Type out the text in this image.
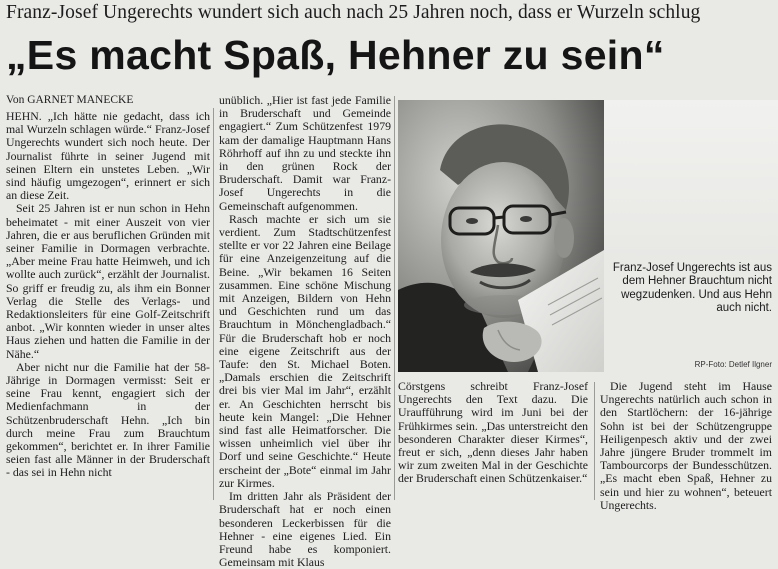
Franz-Josef Ungerechts wundert sich auch nach 25 Jahren noch, dass er Wurzeln schlug
„Es macht Spaß, Hehner zu sein“
Von GARNET MANECKE

HEHN. „Ich hätte nie gedacht, dass ich mal Wurzeln schlagen würde.“ Franz-Josef Ungerechts wundert sich noch heute. Der Journalist führte in seiner Jugend mit seinen Eltern ein unstetes Leben. „Wir sind häufig umgezogen“, erinnert er sich an diese Zeit.

Seit 25 Jahren ist er nun schon in Hehn beheimatet - mit einer Auszeit von vier Jahren, die er aus beruflichen Gründen mit seiner Familie in Dormagen verbrachte. „Aber meine Frau hatte Heimweh, und ich wollte auch zurück“, erzählt der Journalist. So griff er freudig zu, als ihm ein Bonner Verlag die Stelle des Verlags- und Redaktionsleiters für eine Golf-Zeitschrift anbot. „Wir konnten wieder in unser altes Haus ziehen und hatten die Familie in der Nähe.“

Aber nicht nur die Familie hat der 58-Jährige in Dormagen vermisst: Seit er seine Frau kennt, engagiert sich der Medienfachmann in der Schützenbruderschaft Hehn. „Ich bin durch meine Frau zum Brauchtum gekommen“, berichtet er. In ihrer Familie seien fast alle Männer in der Bruderschaft - das sei in Hehn nicht

unüblich. „Hier ist fast jede Familie in Bruderschaft und Gemeinde engagiert.“ Zum Schützenfest 1979 kam der damalige Hauptmann Hans Röhrhoff auf ihn zu und steckte ihn in den grünen Rock der Bruderschaft. Damit war Franz-Josef Ungerechts in die Gemeinschaft aufgenommen.

Rasch machte er sich um sie verdient. Zum Stadtschützenfest stellte er vor 22 Jahren eine Beilage für eine Anzeigenzeitung auf die Beine. „Wir bekamen 16 Seiten zusammen. Eine schöne Mischung mit Anzeigen, Bildern von Hehn und Geschichten rund um das Brauchtum in Mönchengladbach.“ Für die Bruderschaft hob er noch eine eigene Zeitschrift aus der Taufe: den St. Michael Boten. „Damals erschien die Zeitschrift drei bis vier Mal im Jahr“, erzählt er. An Geschichten herrscht bis heute kein Mangel: „Die Hehner sind fast alle Heimatforscher. Die wissen unheimlich viel über ihr Dorf und seine Geschichte.“ Heute erscheint der „Bote“ einmal im Jahr zur Kirmes.

Im dritten Jahr als Präsident der Bruderschaft hat er noch einen besonderen Leckerbissen für die Hehner - eine eigenes Lied. Ein Freund habe es komponiert. Gemeinsam mit Klaus

Franz-Josef Ungerechts ist aus dem Hehner Brauchtum nicht wegzudenken. Und aus Hehn auch nicht.
RP-Foto: Detlef Ilgner

Cörstgens schreibt Franz-Josef Ungerechts den Text dazu. Die Uraufführung wird im Juni bei der Frühkirmes sein. „Das unterstreicht den besonderen Charakter dieser Kirmes“, freut er sich, „denn dieses Jahr haben wir zum zweiten Mal in der Geschichte der Bruderschaft einen Schützenkaiser.“

Die Jugend steht im Hause Ungerechts natürlich auch schon in den Startlöchern: der 16-jährige Sohn ist bei der Schützengruppe Heiligenpesch aktiv und der zwei Jahre jüngere Bruder trommelt im Tambourcorps der Bundesschützen. „Es macht eben Spaß, Hehner zu sein und hier zu wohnen“, beteuert Ungerechts.
